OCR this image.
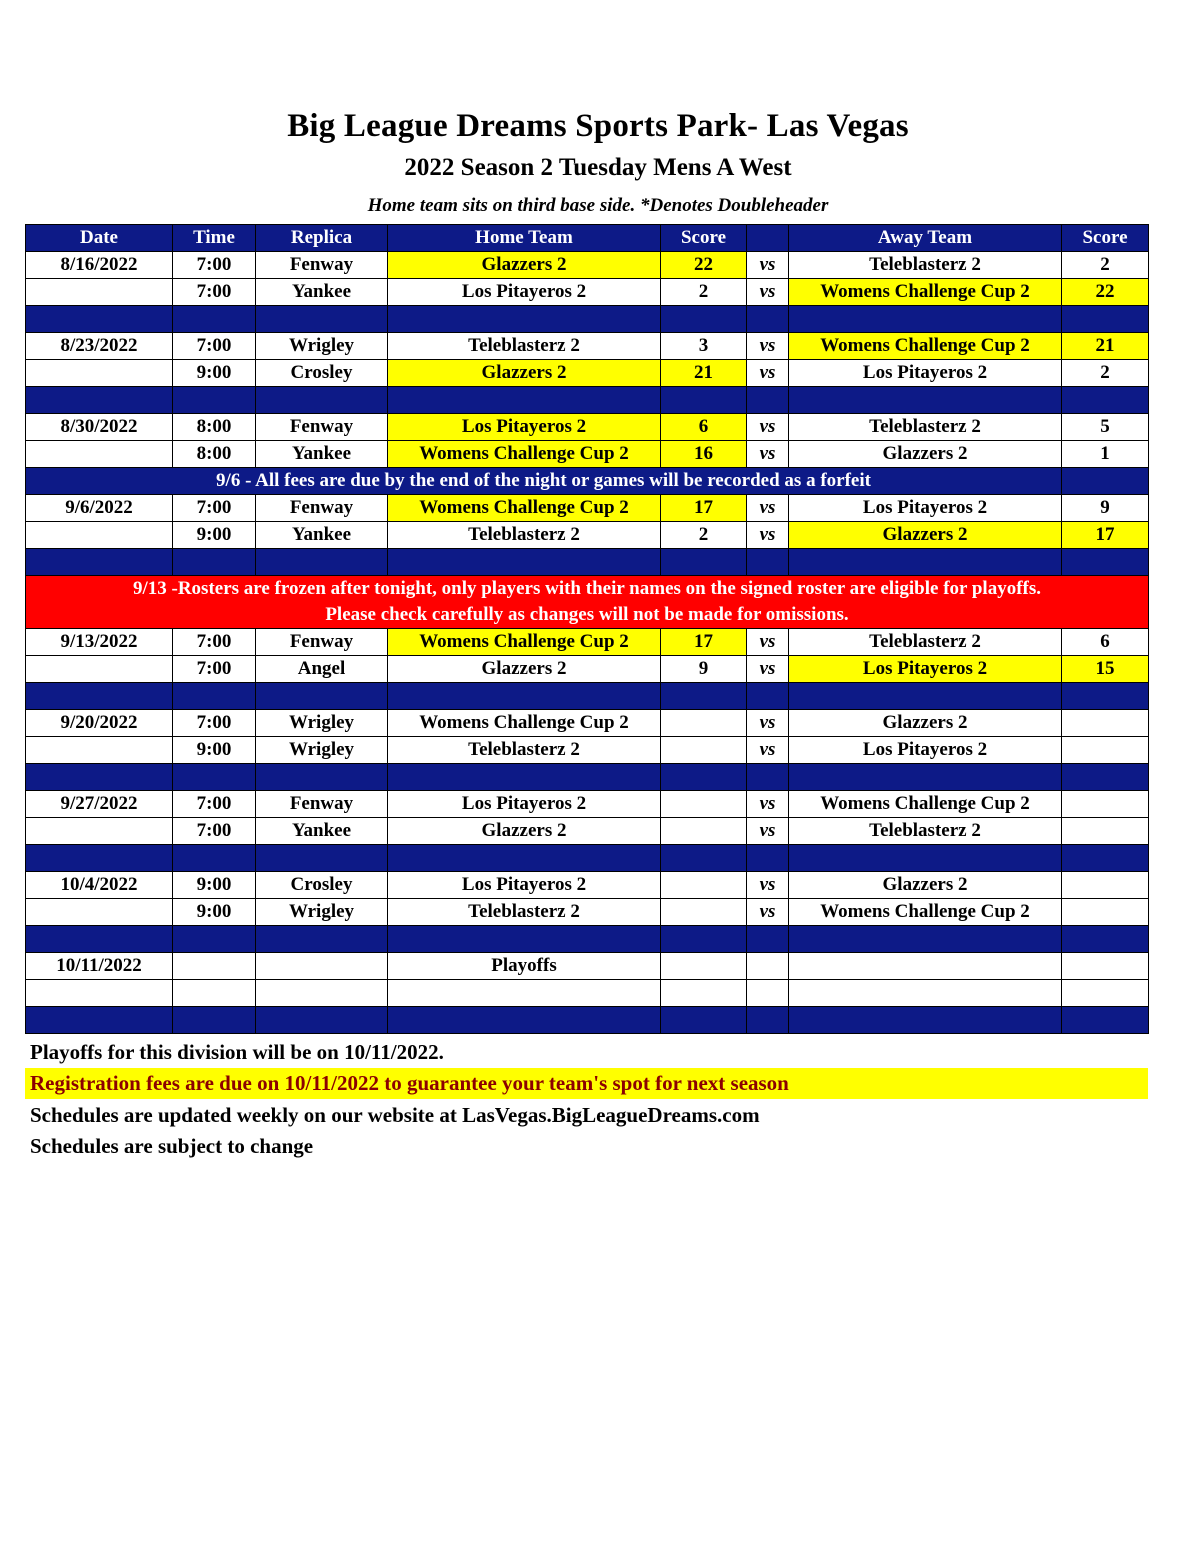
Big League Dreams Sports Park- Las Vegas
2022 Season 2 Tuesday Mens A West
Home team sits on third base side. *Denotes Doubleheader
Date	Time	Replica	Home Team	Score		Away Team	Score
8/16/2022	7:00	Fenway	Glazzers 2	22	vs	Teleblasterz 2	2
	7:00	Yankee	Los Pitayeros 2	2	vs	Womens Challenge Cup 2	22

8/23/2022	7:00	Wrigley	Teleblasterz 2	3	vs	Womens Challenge Cup 2	21
	9:00	Crosley	Glazzers 2	21	vs	Los Pitayeros 2	2

8/30/2022	8:00	Fenway	Los Pitayeros 2	6	vs	Teleblasterz 2	5
	8:00	Yankee	Womens Challenge Cup 2	16	vs	Glazzers 2	1
9/6 - All fees are due by the end of the night or games will be recorded as a forfeit							
9/6/2022	7:00	Fenway	Womens Challenge Cup 2	17	vs	Los Pitayeros 2	9
	9:00	Yankee	Teleblasterz 2	2	vs	Glazzers 2	17

9/13 -Rosters are frozen after tonight, only players with their names on the signed roster are eligible for playoffs.							
Please check carefully as changes will not be made for omissions.							
9/13/2022	7:00	Fenway	Womens Challenge Cup 2	17	vs	Teleblasterz 2	6
	7:00	Angel	Glazzers 2	9	vs	Los Pitayeros 2	15

9/20/2022	7:00	Wrigley	Womens Challenge Cup 2		vs	Glazzers 2	
	9:00	Wrigley	Teleblasterz 2		vs	Los Pitayeros 2	

9/27/2022	7:00	Fenway	Los Pitayeros 2		vs	Womens Challenge Cup 2	
	7:00	Yankee	Glazzers 2		vs	Teleblasterz 2	

10/4/2022	9:00	Crosley	Los Pitayeros 2		vs	Glazzers 2	
	9:00	Wrigley	Teleblasterz 2		vs	Womens Challenge Cup 2	

10/11/2022			Playoffs				

Playoffs for this division will be on 10/11/2022.
Registration fees are due on 10/11/2022 to guarantee your team's spot for next season
Schedules are updated weekly on our website at LasVegas.BigLeagueDreams.com
Schedules are subject to change
